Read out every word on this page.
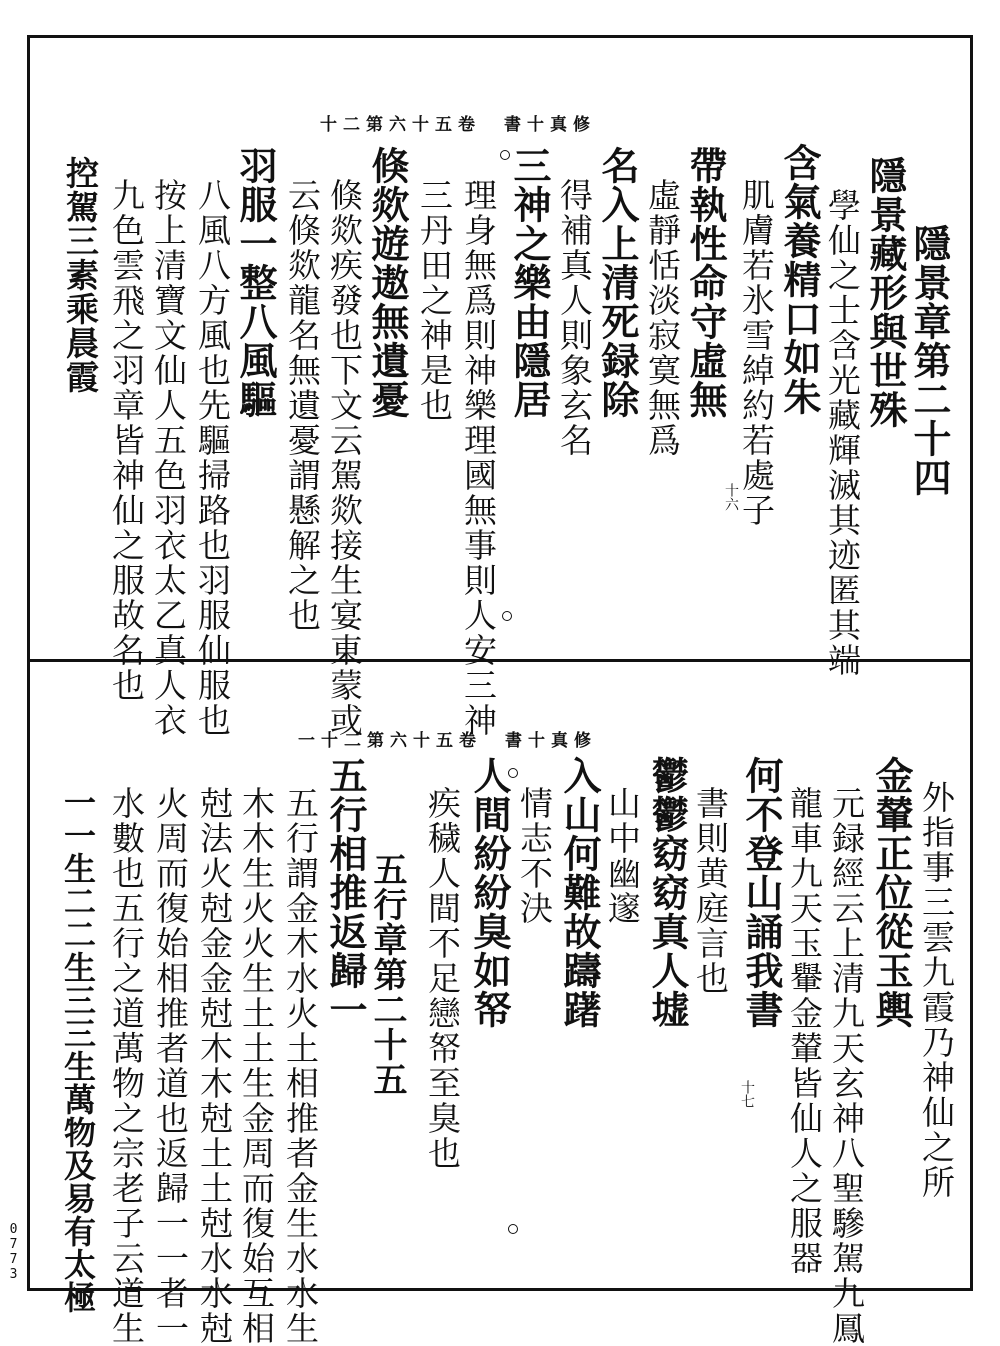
修真十書　卷五十六第二十
隱景章第二十四
隱景藏形與世殊
學仙之士含光藏輝滅其迹匿其端
含氣養精口如朱
肌膚若氷雪綽約若處子
帶執性命守虛無
虛靜恬淡寂寞無爲
名入上清死録除
得補真人則象玄名
三神之樂由隱居
理身無爲則神樂理國無事則人安三神
三丹田之神是也
倏欻遊遨無遺憂
倏欻疾發也下文云駕欻接生宴東蒙或
云倏欻龍名無遺憂謂懸解之也
羽服一整八風驅
八風八方風也先驅掃路也羽服仙服也
按上清寶文仙人五色羽衣太乙真人衣
九色雲飛之羽章皆神仙之服故名也
控駕三素乘晨霞
十六
修真十書　卷五十六第二十一
外指事三雲九霞乃神仙之所
金輦正位從玉輿
元録經云上清九天玄神八聖驂駕九鳳
龍車九天玉轝金輦皆仙人之服器
何不登山誦我書
書則黄庭言也
鬱鬱窈窈真人墟
山中幽邃
入山何難故躊躇
情志不決
人間紛紛臭如帑
疾穢人間不足戀帑至臭也
五行章第二十五
五行相推返歸一
五行謂金木水火土相推者金生水水生
木木生火火生土土生金周而復始互相
尅法火尅金金尅木木尅土土尅水水尅
火周而復始相推者道也返歸一一者一
水數也五行之道萬物之宗老子云道生
一一生二二生三三生萬物及易有太極	十七
0773
